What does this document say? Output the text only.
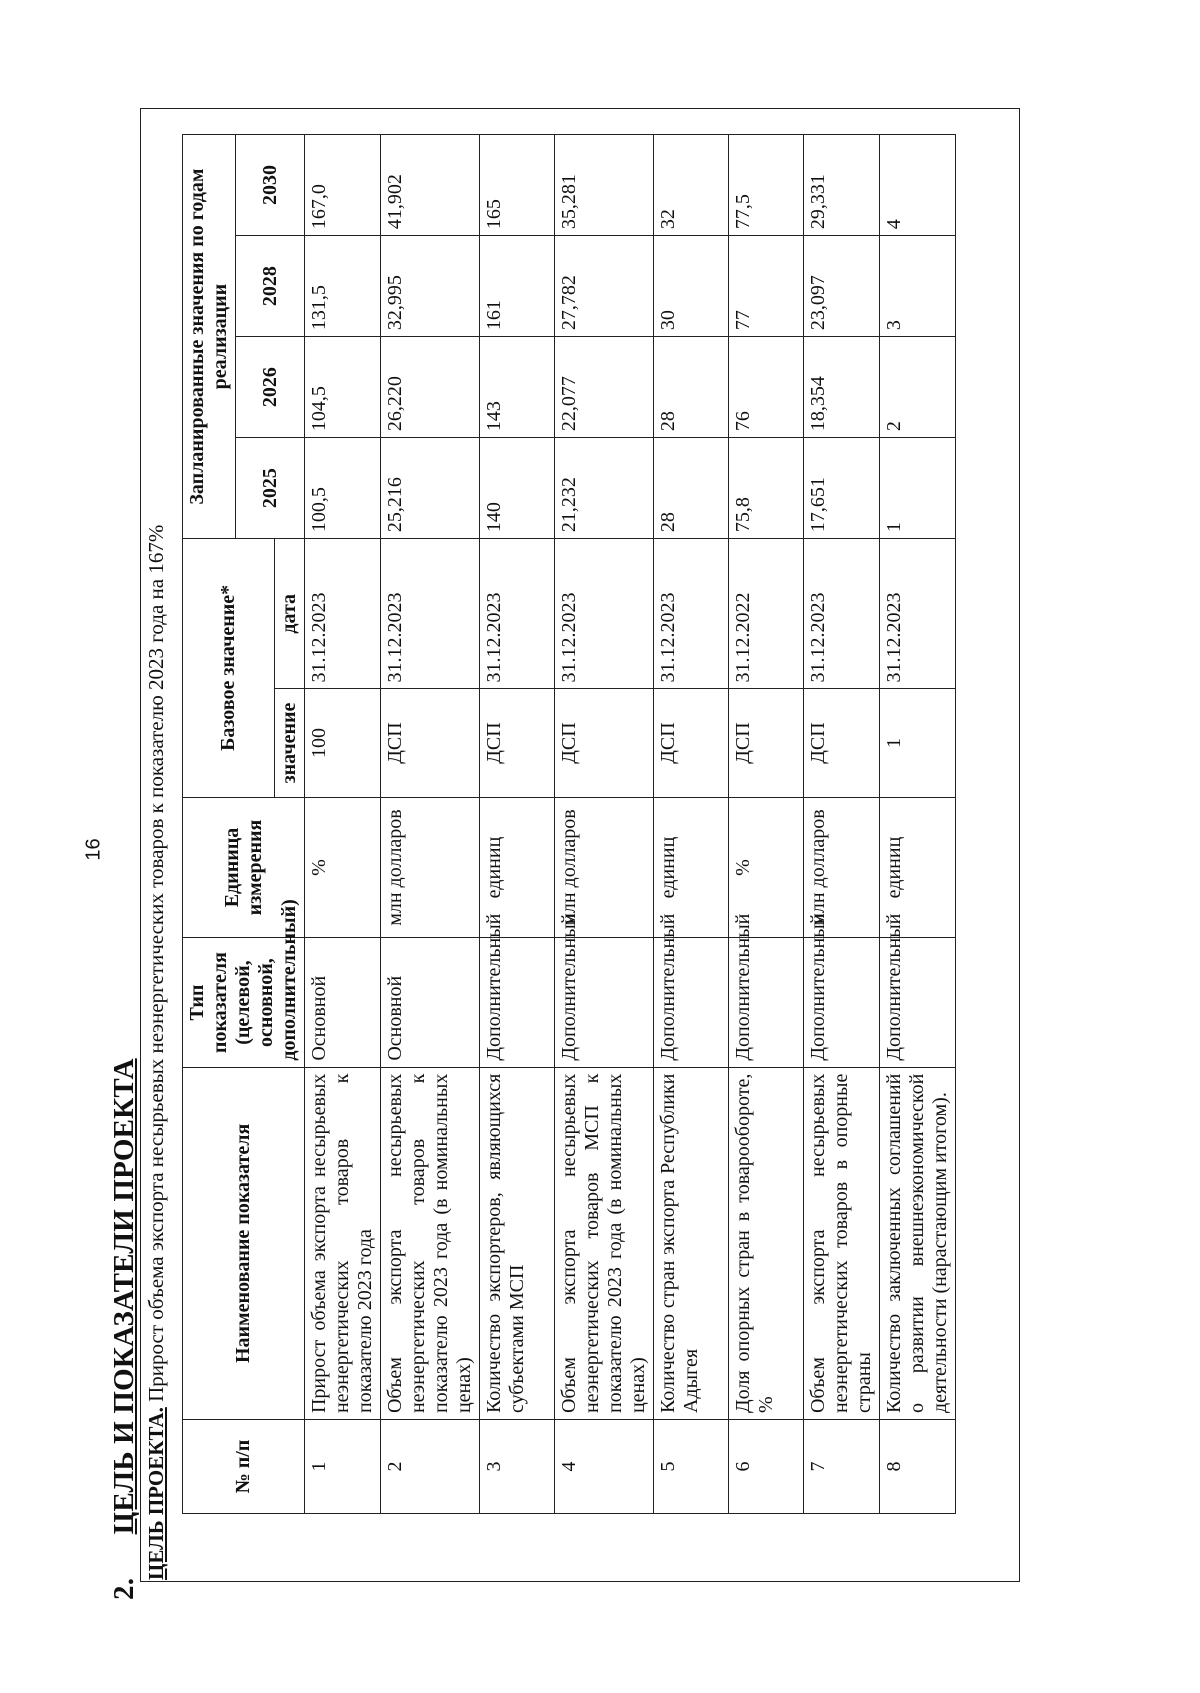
16
2. ЦЕЛЬ И ПОКАЗАТЕЛИ ПРОЕКТА ЦЕЛЬ ПРОЕКТА. Прирост объема экспорта несырьевых неэнергетических товаров к показателю 2023 года на 167%
№ п/п	Наименование показателя	Тип показателя (целевой, основной, дополнительный)	Единица измерения	Базовое значение*		Запланированные значения по годам реализации			
						2025	2026	2028	2030
				значение	дата				
1	Прирост объема экспорта несырьевых неэнергетических товаров к показателю 2023 года	Основной	%	100	31.12.2023	100,5	104,5	131,5	167,0
2	Объем экспорта несырьевых неэнергетических товаров к показателю 2023 года (в номинальных ценах)	Основной	млн долларов	ДСП	31.12.2023	25,216	26,220	32,995	41,902
3	Количество экспортеров, являющихся субъектами МСП	Дополнительный	единиц	ДСП	31.12.2023	140	143	161	165
4	Объем экспорта несырьевых неэнергетических товаров МСП к показателю 2023 года (в номинальных ценах)	Дополнительный	млн долларов	ДСП	31.12.2023	21,232	22,077	27,782	35,281
5	Количество стран экспорта Республики Адыгея	Дополнительный	единиц	ДСП	31.12.2023	28	28	30	32
6	Доля опорных стран в товарообороте, %	Дополнительный	%	ДСП	31.12.2022	75,8	76	77	77,5
7	Объем экспорта несырьевых неэнергетических товаров в опорные страны	Дополнительный	млн долларов	ДСП	31.12.2023	17,651	18,354	23,097	29,331
8	Количество заключенных соглашений о развитии внешнеэкономической деятельности (нарастающим итогом).	Дополнительный	единиц	1	31.12.2023	1	2	3	4
